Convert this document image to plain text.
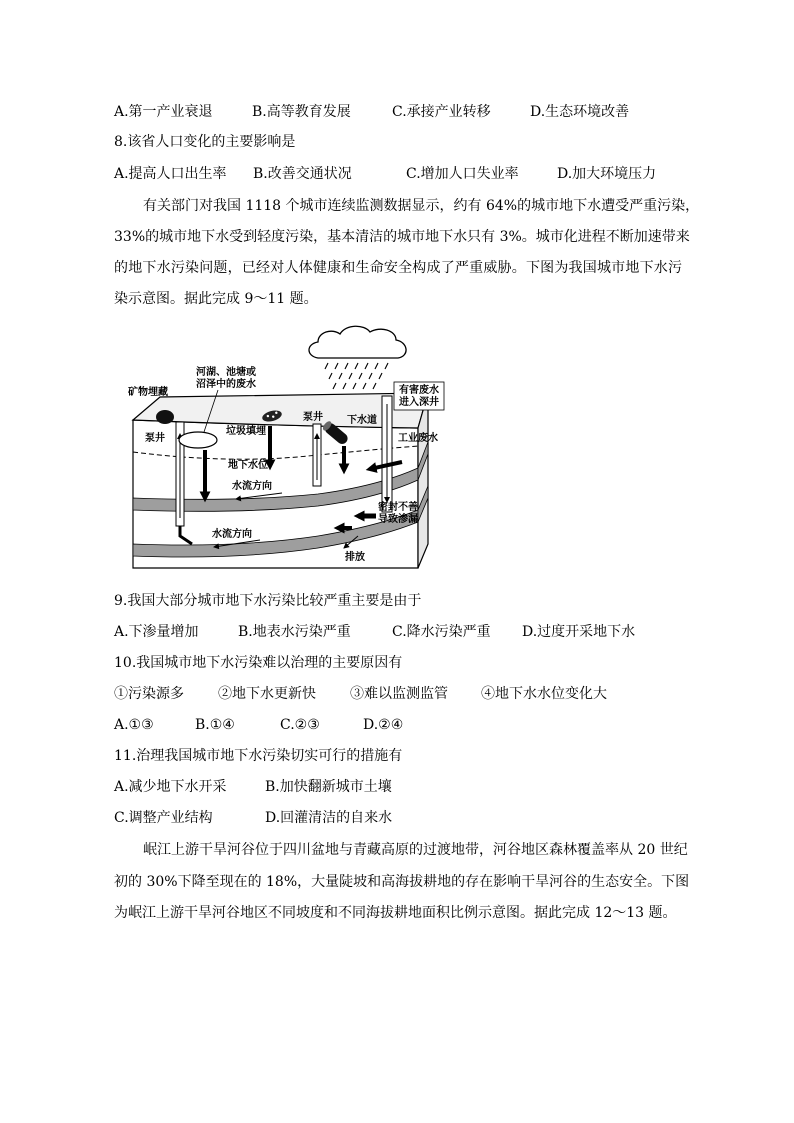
A.第一产业衰退	B.高等教育发展	C.承接产业转移	D.生态环境改善
8.该省人口变化的主要影响是
A.提高人口出生率 B.改善交通状况	C.增加人口失业率	D.加大环境压力
有关部门对我国 1118 个城市连续监测数据显示，约有 64%的城市地下水遭受严重污染，
33%的城市地下水受到轻度污染，基本清洁的城市地下水只有 3%。城市化进程不断加速带来
的地下水污染问题，已经对人体健康和生命安全构成了严重威胁。下图为我国城市地下水污
染示意图。据此完成 9～11 题。
矿物埋藏
河湖、池塘或
沼泽中的废水
有害废水
进入深井
泵井
垃圾填埋
泵井 下水道
工业废水
地下水位
水流方向
密封不善
导致渗漏
水流方向
排放
9.我国大部分城市地下水污染比较严重主要是由于
A.下渗量增加	B.地表水污染严重	C.降水污染严重 D.过度开采地下水
10.我国城市地下水污染难以治理的主要原因有
①污染源多 ②地下水更新快 ③难以监测监管 ④地下水水位变化大
A.①③	B.①④	C.②③	D.②④
11.治理我国城市地下水污染切实可行的措施有
A.减少地下水开采	B.加快翻新城市土壤
C.调整产业结构	D.回灌清洁的自来水
岷江上游干旱河谷位于四川盆地与青藏高原的过渡地带，河谷地区森林覆盖率从 20 世纪
初的 30%下降至现在的 18%，大量陡坡和高海拔耕地的存在影响干旱河谷的生态安全。下图
为岷江上游干旱河谷地区不同坡度和不同海拔耕地面积比例示意图。据此完成 12～13 题。
